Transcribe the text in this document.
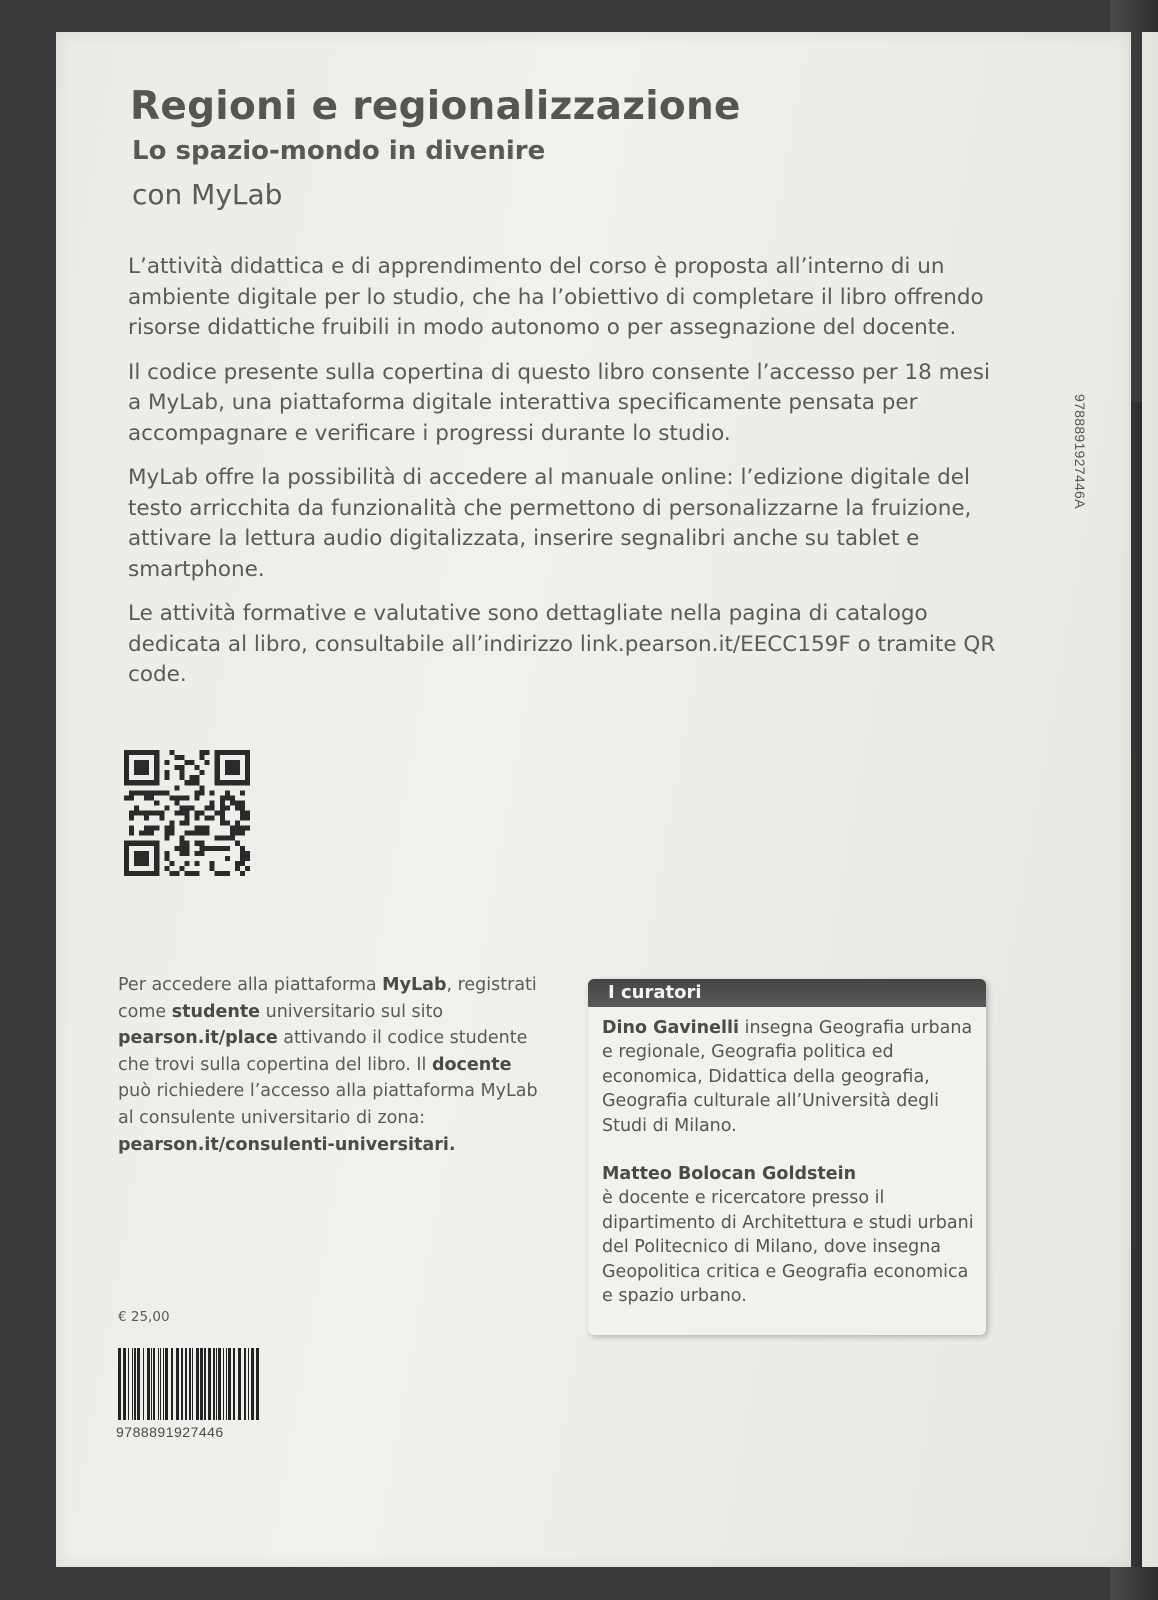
Regioni e regionalizzazione
Lo spazio-mondo in divenire

con MyLab

L’attività didattica e di apprendimento del corso è proposta all’interno di un ambiente digitale per lo studio, che ha l’obiettivo di completare il libro offrendo risorse didattiche fruibili in modo autonomo o per assegnazione del docente.

Il codice presente sulla copertina di questo libro consente l’accesso per 18 mesi a MyLab, una piattaforma digitale interattiva specificamente pensata per accompagnare e verificare i progressi durante lo studio.

MyLab offre la possibilità di accedere al manuale online: l’edizione digitale del testo arricchita da funzionalità che permettono di personalizzarne la fruizione, attivare la lettura audio digitalizzata, inserire segnalibri anche su tablet e smartphone.

Le attività formative e valutative sono dettagliate nella pagina di catalogo dedicata al libro, consultabile all’indirizzo link.pearson.it/EECC159F o tramite QR code.

Per accedere alla piattaforma MyLab, registrati come studente universitario sul sito pearson.it/place attivando il codice studente che trovi sulla copertina del libro. Il docente può richiedere l’accesso alla piattaforma MyLab al consulente universitario di zona: pearson.it/consulenti-universitari.
I curatori

Dino Gavinelli insegna Geografia urbana e regionale, Geografia politica ed economica, Didattica della geografia, Geografia culturale all’Università degli Studi di Milano.

Matteo Bolocan Goldstein
è docente e ricercatore presso il dipartimento di Architettura e studi urbani del Politecnico di Milano, dove insegna Geopolitica critica e Geografia economica e spazio urbano.

€ 25,00

9788891927446

9788891927446A
